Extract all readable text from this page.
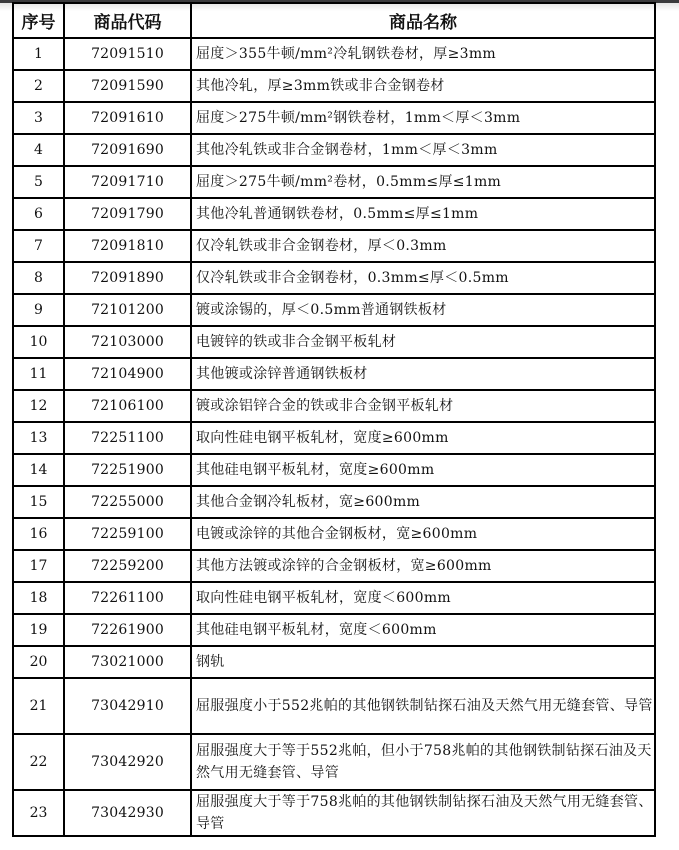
序号	商品代码	商品名称
1	72091510	屈度＞355牛顿/mm²冷轧钢铁卷材，厚≥3mm
2	72091590	其他冷轧，厚≥3mm铁或非合金钢卷材
3	72091610	屈度＞275牛顿/mm²钢铁卷材，1mm＜厚＜3mm
4	72091690	其他冷轧铁或非合金钢卷材，1mm＜厚＜3mm
5	72091710	屈度＞275牛顿/mm²卷材，0.5mm≤厚≤1mm
6	72091790	其他冷轧普通钢铁卷材，0.5mm≤厚≤1mm
7	72091810	仅冷轧铁或非合金钢卷材，厚＜0.3mm
8	72091890	仅冷轧铁或非合金钢卷材，0.3mm≤厚＜0.5mm
9	72101200	镀或涂锡的，厚＜0.5mm普通钢铁板材
10	72103000	电镀锌的铁或非合金钢平板轧材
11	72104900	其他镀或涂锌普通钢铁板材
12	72106100	镀或涂铝锌合金的铁或非合金钢平板轧材
13	72251100	取向性硅电钢平板轧材，宽度≥600mm
14	72251900	其他硅电钢平板轧材，宽度≥600mm
15	72255000	其他合金钢冷轧板材，宽≥600mm
16	72259100	电镀或涂锌的其他合金钢板材，宽≥600mm
17	72259200	其他方法镀或涂锌的合金钢板材，宽≥600mm
18	72261100	取向性硅电钢平板轧材，宽度＜600mm
19	72261900	其他硅电钢平板轧材，宽度＜600mm
20	73021000	钢轨
21	73042910	屈服强度小于552兆帕的其他钢铁制钻探石油及天然气用无缝套管、导管
22	73042920	屈服强度大于等于552兆帕，但小于758兆帕的其他钢铁制钻探石油及天然气用无缝套管、导管
23	73042930	屈服强度大于等于758兆帕的其他钢铁制钻探石油及天然气用无缝套管、导管
